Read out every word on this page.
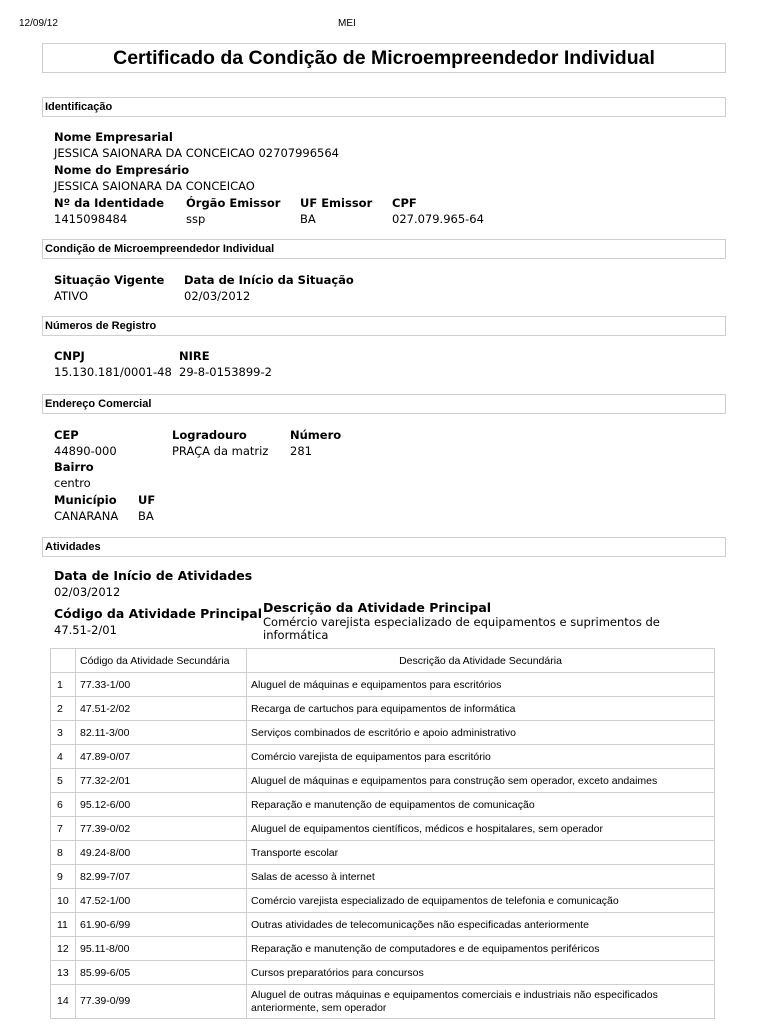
12/09/12	MEI
Certificado da Condição de Microempreendedor Individual
Identificação
Nome Empresarial
JESSICA SAIONARA DA CONCEICAO 02707996564
Nome do Empresário
JESSICA SAIONARA DA CONCEICAO
Nº da Identidade
1415098484
Órgão Emissor
ssp
UF Emissor
BA
CPF
027.079.965-64
Condição de Microempreendedor Individual
Situação Vigente
ATIVO
Data de Início da Situação
02/03/2012
Números de Registro
CNPJ
15.130.181/0001-48
NIRE
29-8-0153899-2
Endereço Comercial
CEP
44890-000
Logradouro
PRAÇA da matriz
Número
281
Bairro
centro
Município
CANARANA
UF
BA
Atividades
Data de Início de Atividades
02/03/2012
Código da Atividade Principal
47.51-2/01
Descrição da Atividade Principal
Comércio varejista especializado de equipamentos e suprimentos de informática
	Código da Atividade Secundária	Descrição da Atividade Secundária
1	77.33-1/00	Aluguel de máquinas e equipamentos para escritórios
2	47.51-2/02	Recarga de cartuchos para equipamentos de informática
3	82.11-3/00	Serviços combinados de escritório e apoio administrativo
4	47.89-0/07	Comércio varejista de equipamentos para escritório
5	77.32-2/01	Aluguel de máquinas e equipamentos para construção sem operador, exceto andaimes
6	95.12-6/00	Reparação e manutenção de equipamentos de comunicação
7	77.39-0/02	Aluguel de equipamentos científicos, médicos e hospitalares, sem operador
8	49.24-8/00	Transporte escolar
9	82.99-7/07	Salas de acesso à internet
10	47.52-1/00	Comércio varejista especializado de equipamentos de telefonia e comunicação
11	61.90-6/99	Outras atividades de telecomunicações não especificadas anteriormente
12	95.11-8/00	Reparação e manutenção de computadores e de equipamentos periféricos
13	85.99-6/05	Cursos preparatórios para concursos
14	77.39-0/99	Aluguel de outras máquinas e equipamentos comerciais e industriais não especificados anteriormente, sem operador
